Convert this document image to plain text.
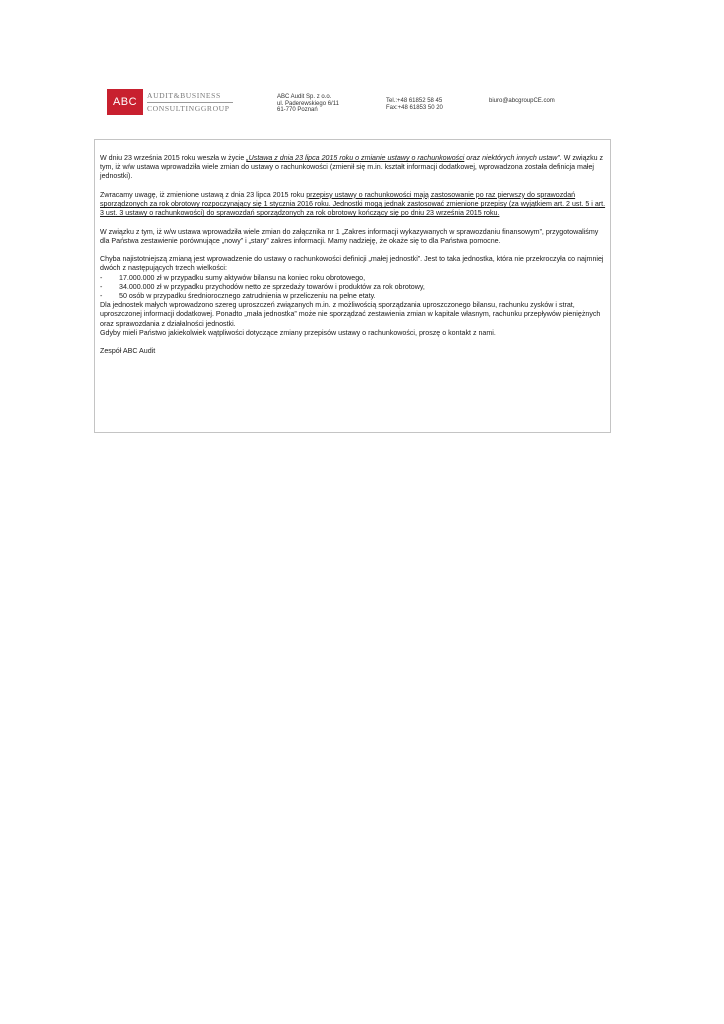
ABC
AUDIT&BUSINESS
CONSULTINGGROUP
ABC Audit Sp. z o.o.
ul. Paderewskiego 6/11
61-770 Poznań
Tel.:+48 61852 58 45
Fax:+48 61853 50 20
biuro@abcgroupCE.com

W dniu 23 września 2015 roku weszła w życie „Ustawa z dnia 23 lipca 2015 roku o zmianie ustawy o rachunkowości oraz niektórych innych ustaw”. W związku z tym, iż w/w ustawa wprowadziła wiele zmian do ustawy o rachunkowości (zmienił się m.in. kształt informacji dodatkowej, wprowadzona została definicja małej jednostki).

Zwracamy uwagę, iż zmienione ustawą z dnia 23 lipca 2015 roku przepisy ustawy o rachunkowości mają zastosowanie po raz pierwszy do sprawozdań sporządzonych za rok obrotowy rozpoczynający się 1 stycznia 2016 roku. Jednostki mogą jednak zastosować zmienione przepisy (za wyjątkiem art. 2 ust. 5 i art. 3 ust. 3 ustawy o rachunkowości) do sprawozdań sporządzonych za rok obrotowy kończący się po dniu 23 września 2015 roku.

W związku z tym, iż w/w ustawa wprowadziła wiele zmian do załącznika nr 1 „Zakres informacji wykazywanych w sprawozdaniu finansowym”, przygotowaliśmy dla Państwa zestawienie porównujące „nowy” i „stary” zakres informacji. Mamy nadzieję, że okaże się to dla Państwa pomocne.

Chyba najistotniejszą zmianą jest wprowadzenie do ustawy o rachunkowości definicji „małej jednostki”. Jest to taka jednostka, która nie przekroczyła co najmniej dwóch z następujących trzech wielkości:
-	17.000.000 zł w przypadku sumy aktywów bilansu na koniec roku obrotowego,
-	34.000.000 zł w przypadku przychodów netto ze sprzedaży towarów i produktów za rok obrotowy,
-	50 osób w przypadku średniorocznego zatrudnienia w przeliczeniu na pełne etaty.
Dla jednostek małych wprowadzono szereg uproszczeń związanych m.in. z możliwością sporządzania uproszczonego bilansu, rachunku zysków i strat, uproszczonej informacji dodatkowej. Ponadto „mała jednostka” może nie sporządzać zestawienia zmian w kapitale własnym, rachunku przepływów pieniężnych oraz sprawozdania z działalności jednostki.
Gdyby mieli Państwo jakiekolwiek wątpliwości dotyczące zmiany przepisów ustawy o rachunkowości, proszę o kontakt z nami.

Zespół ABC Audit
